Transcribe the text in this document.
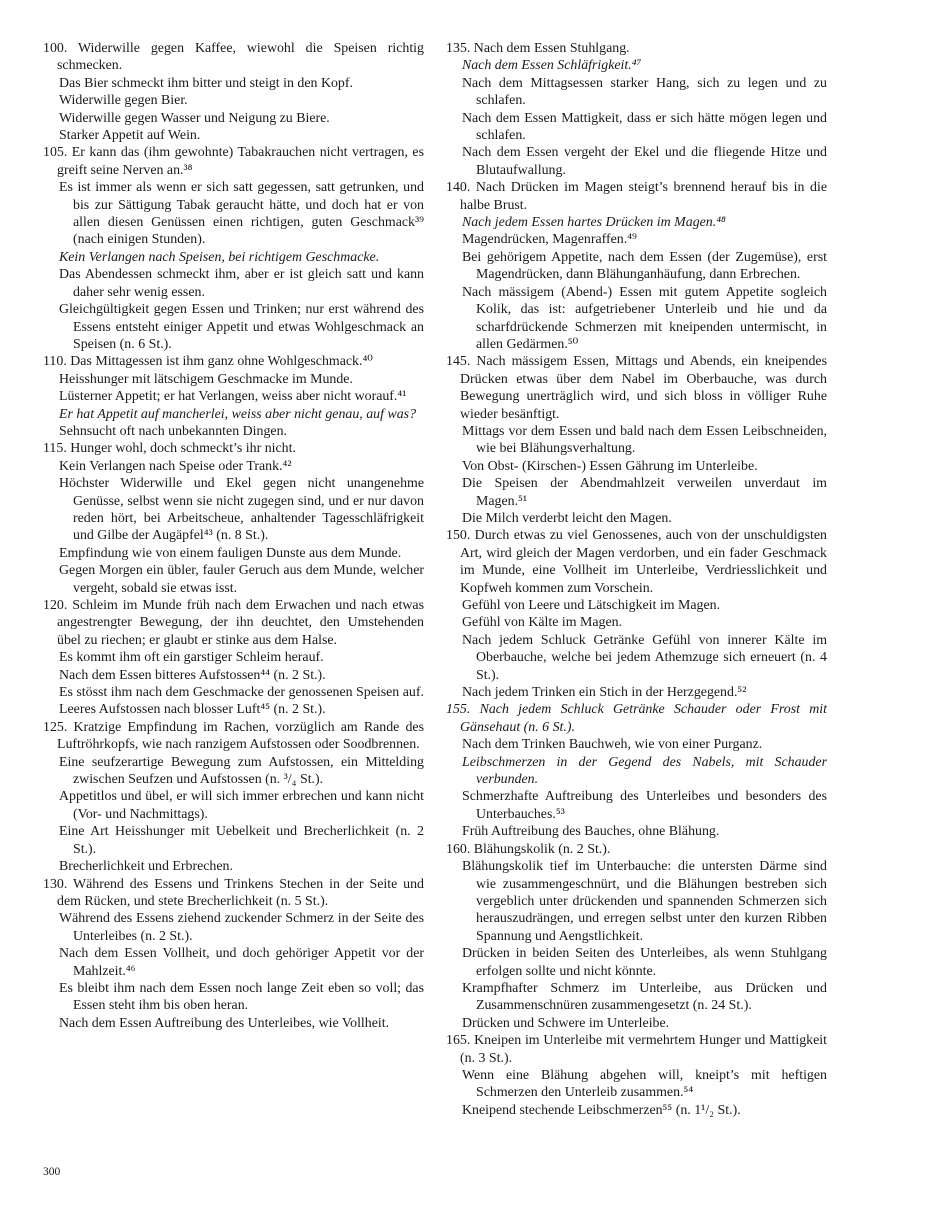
100. Widerwille gegen Kaffee, wiewohl die Speisen richtig schmecken.

Das Bier schmeckt ihm bitter und steigt in den Kopf.

Widerwille gegen Bier.

Widerwille gegen Wasser und Neigung zu Biere.

Starker Appetit auf Wein.

105. Er kann das (ihm gewohnte) Tabakrauchen nicht vertragen, es greift seine Nerven an.³⁸

Es ist immer als wenn er sich satt gegessen, satt getrunken, und bis zur Sättigung Tabak geraucht hätte, und doch hat er von allen diesen Genüssen einen richtigen, guten Geschmack³⁹ (nach einigen Stunden).

Kein Verlangen nach Speisen, bei richtigem Geschmacke.

Das Abendessen schmeckt ihm, aber er ist gleich satt und kann daher sehr wenig essen.

Gleichgültigkeit gegen Essen und Trinken; nur erst während des Essens entsteht einiger Appetit und etwas Wohlgeschmack an Speisen (n. 6 St.).

110. Das Mittagessen ist ihm ganz ohne Wohlgeschmack.⁴⁰

Heisshunger mit lätschigem Geschmacke im Munde.

Lüsterner Appetit; er hat Verlangen, weiss aber nicht worauf.⁴¹

Er hat Appetit auf mancherlei, weiss aber nicht genau, auf was?

Sehnsucht oft nach unbekannten Dingen.

115. Hunger wohl, doch schmeckt’s ihr nicht.

Kein Verlangen nach Speise oder Trank.⁴²

Höchster Widerwille und Ekel gegen nicht unangenehme Genüsse, selbst wenn sie nicht zugegen sind, und er nur davon reden hört, bei Arbeitscheue, anhaltender Tagesschläfrigkeit und Gilbe der Augäpfel⁴³ (n. 8 St.).

Empfindung wie von einem fauligen Dunste aus dem Munde.

Gegen Morgen ein übler, fauler Geruch aus dem Munde, welcher vergeht, sobald sie etwas isst.

120. Schleim im Munde früh nach dem Erwachen und nach etwas angestrengter Bewegung, der ihn deuchtet, den Umstehenden übel zu riechen; er glaubt er stinke aus dem Halse.

Es kommt ihm oft ein garstiger Schleim herauf.

Nach dem Essen bitteres Aufstossen⁴⁴ (n. 2 St.).

Es stösst ihm nach dem Geschmacke der genossenen Speisen auf.

Leeres Aufstossen nach blosser Luft⁴⁵ (n. 2 St.).

125. Kratzige Empfindung im Rachen, vorzüglich am Rande des Luftröhrkopfs, wie nach ranzigem Aufstossen oder Soodbrennen.

Eine seufzerartige Bewegung zum Aufstossen, ein Mittelding zwischen Seufzen und Aufstossen (n. ³/₄ St.).

Appetitlos und übel, er will sich immer erbrechen und kann nicht (Vor- und Nachmittags).

Eine Art Heisshunger mit Uebelkeit und Brecherlichkeit (n. 2 St.).

Brecherlichkeit und Erbrechen.

130. Während des Essens und Trinkens Stechen in der Seite und dem Rücken, und stete Brecherlichkeit (n. 5 St.).

Während des Essens ziehend zuckender Schmerz in der Seite des Unterleibes (n. 2 St.).

Nach dem Essen Vollheit, und doch gehöriger Appetit vor der Mahlzeit.⁴⁶

Es bleibt ihm nach dem Essen noch lange Zeit eben so voll; das Essen steht ihm bis oben heran.

Nach dem Essen Auftreibung des Unterleibes, wie Vollheit.

135. Nach dem Essen Stuhlgang.

Nach dem Essen Schläfrigkeit.⁴⁷

Nach dem Mittagsessen starker Hang, sich zu legen und zu schlafen.

Nach dem Essen Mattigkeit, dass er sich hätte mögen legen und schlafen.

Nach dem Essen vergeht der Ekel und die fliegende Hitze und Blutaufwallung.

140. Nach Drücken im Magen steigt’s brennend herauf bis in die halbe Brust.

Nach jedem Essen hartes Drücken im Magen.⁴⁸

Magendrücken, Magenraffen.⁴⁹

Bei gehörigem Appetite, nach dem Essen (der Zugemüse), erst Magendrücken, dann Blähunganhäufung, dann Erbrechen.

Nach mässigem (Abend-) Essen mit gutem Appetite sogleich Kolik, das ist: aufgetriebener Unterleib und hie und da scharfdrückende Schmerzen mit kneipenden untermischt, in allen Gedärmen.⁵⁰

145. Nach mässigem Essen, Mittags und Abends, ein kneipendes Drücken etwas über dem Nabel im Oberbauche, was durch Bewegung unerträglich wird, und sich bloss in völliger Ruhe wieder besänftigt.

Mittags vor dem Essen und bald nach dem Essen Leibschneiden, wie bei Blähungsverhaltung.

Von Obst- (Kirschen-) Essen Gährung im Unterleibe.

Die Speisen der Abendmahlzeit verweilen unverdaut im Magen.⁵¹

Die Milch verderbt leicht den Magen.

150. Durch etwas zu viel Genossenes, auch von der unschuldigsten Art, wird gleich der Magen verdorben, und ein fader Geschmack im Munde, eine Vollheit im Unterleibe, Verdriesslichkeit und Kopfweh kommen zum Vorschein.

Gefühl von Leere und Lätschigkeit im Magen.

Gefühl von Kälte im Magen.

Nach jedem Schluck Getränke Gefühl von innerer Kälte im Oberbauche, welche bei jedem Athemzuge sich erneuert (n. 4 St.).

Nach jedem Trinken ein Stich in der Herzgegend.⁵²

155. Nach jedem Schluck Getränke Schauder oder Frost mit Gänsehaut (n. 6 St.).

Nach dem Trinken Bauchweh, wie von einer Purganz.

Leibschmerzen in der Gegend des Nabels, mit Schauder verbunden.

Schmerzhafte Auftreibung des Unterleibes und besonders des Unterbauches.⁵³

Früh Auftreibung des Bauches, ohne Blähung.

160. Blähungskolik (n. 2 St.).

Blähungskolik tief im Unterbauche: die untersten Därme sind wie zusammengeschnürt, und die Blähungen bestreben sich vergeblich unter drückenden und spannenden Schmerzen sich herauszudrängen, und erregen selbst unter den kurzen Ribben Spannung und Aengstlichkeit.

Drücken in beiden Seiten des Unterleibes, als wenn Stuhlgang erfolgen sollte und nicht könnte.

Krampfhafter Schmerz im Unterleibe, aus Drücken und Zusammenschnüren zusammengesetzt (n. 24 St.).

Drücken und Schwere im Unterleibe.

165. Kneipen im Unterleibe mit vermehrtem Hunger und Mattigkeit (n. 3 St.).

Wenn eine Blähung abgehen will, kneipt’s mit heftigen Schmerzen den Unterleib zusammen.⁵⁴

Kneipend stechende Leibschmerzen⁵⁵ (n. 1¹/₂ St.).

300
